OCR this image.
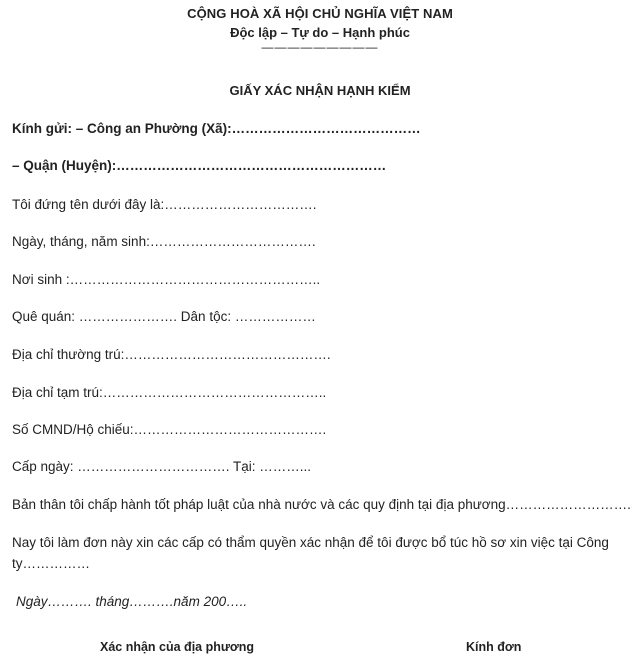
CỘNG HOÀ XÃ HỘI CHỦ NGHĨA VIỆT NAM
Độc lập – Tự do – Hạnh phúc
—————————
GIẤY XÁC NHẬN HẠNH KIỂM
Kính gửi: – Công an Phường (Xã):……………………………………
– Quận (Huyện):……………………………………………………
Tôi đứng tên dưới đây là:…………………………….
Ngày, tháng, năm sinh:……………………………….
Nơi sinh :………………………………………………..
Quê quán: …………………. Dân tộc: ………………
Địa chỉ thường trú:……………………………………….
Địa chỉ tạm trú:…………………………………………..
Số CMND/Hộ chiếu:…………………………………….
Cấp ngày: ……………………………. Tại: ………...
Bản thân tôi chấp hành tốt pháp luật của nhà nước và các quy định tại địa phương……………………….
Nay tôi làm đơn này xin các cấp có thẩm quyền xác nhận để tôi được bổ túc hồ sơ xin việc tại Công
ty……………
Ngày………. tháng……….năm 200…..
Xác nhận của địa phương	Kính đơn
